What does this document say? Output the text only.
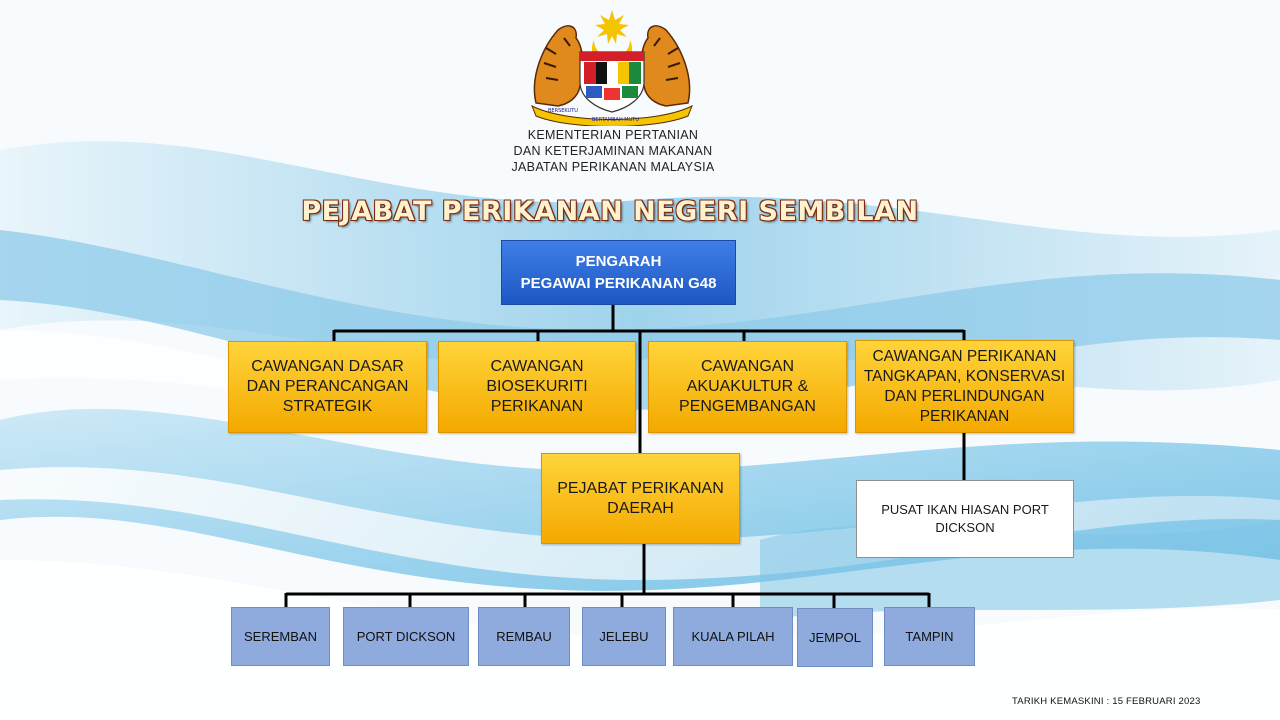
BERSEKUTU
BERTAMBAH MUTU
KEMENTERIAN PERTANIAN
DAN KETERJAMINAN MAKANAN
JABATAN PERIKANAN MALAYSIA
PEJABAT PERIKANAN NEGERI SEMBILAN
PENGARAH
PEGAWAI PERIKANAN G48
CAWANGAN DASAR
DAN PERANCANGAN
STRATEGIK
CAWANGAN
BIOSEKURITI
PERIKANAN
CAWANGAN
AKUAKULTUR &
PENGEMBANGAN
CAWANGAN PERIKANAN
TANGKAPAN, KONSERVASI
DAN PERLINDUNGAN
PERIKANAN
PEJABAT PERIKANAN
DAERAH	PUSAT IKAN HIASAN PORT
DICKSON
SEREMBAN	PORT DICKSON	REMBAU	JELEBU	KUALA PILAH	JEMPOL	TAMPIN
TARIKH KEMASKINI : 15 FEBRUARI 2023
